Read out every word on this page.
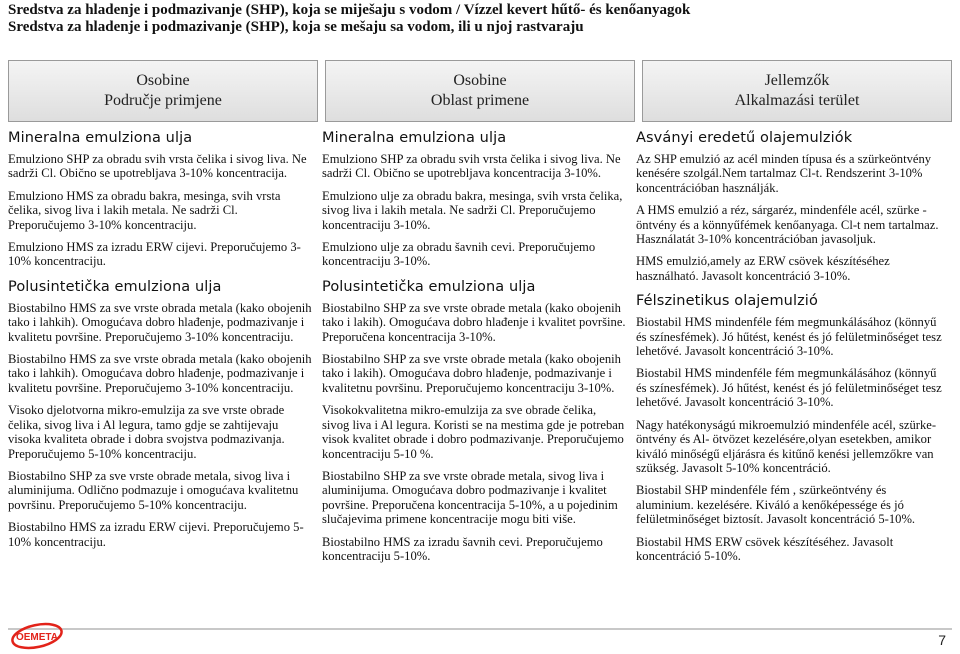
Sredstva za hladenje i podmazivanje (SHP), koja se miješaju s vodom / Vízzel kevert hűtő- és kenőanyagok
Sredstva za hladenje i podmazivanje (SHP), koja se mešaju sa vodom, ili u njoj rastvaraju
Osobine
Područje primjene
Osobine
Oblast primene
Jellemzők
Alkalmazási terület
Mineralna emulziona ulja

Emulziono SHP za obradu svih vrsta čelika i sivog liva. Ne sadrži Cl. Obično se upotrebljava 3-10% koncentracija.

Emulziono HMS za obradu bakra, mesinga, svih vrsta čelika, sivog liva i lakih metala. Ne sadrži Cl. Preporučujemo 3-10% koncentraciju.

Emulziono HMS za izradu ERW cijevi. Preporučujemo 3-10% koncentraciju.

Polusintetička emulziona ulja

Biostabilno HMS za sve vrste obrada metala (kako obojenih tako i lahkih). Omogućava dobro hlađenje, podmazivanje i kvalitetu površine. Preporučujemo 3-10% koncentraciju.

Biostabilno HMS za sve vrste obrada metala (kako obojenih tako i lahkih). Omogućava dobro hlađenje, podmazivanje i kvalitetu površine. Preporučujemo 3-10% koncentraciju.

Visoko djelotvorna mikro-emulzija za sve vrste obrade čelika, sivog liva i Al legura, tamo gdje se zahtijevaju visoka kvaliteta obrade i dobra svojstva podmazivanja. Preporučujemo 5-10% koncentraciju.

Biostabilno SHP za sve vrste obrade metala, sivog liva i aluminijuma. Odlično podmazuje i omogućava kvalitetnu površinu. Preporučujemo 5-10% koncentraciju.

Biostabilno HMS za izradu ERW cijevi. Preporučujemo 5-10% koncentraciju.

Mineralna emulziona ulja

Emulziono SHP za obradu svih vrsta čelika i sivog liva. Ne sadrži Cl. Obično se upotrebljava koncentracija 3-10%.

Emulziono ulje za obradu bakra, mesinga, svih vrsta čelika, sivog liva i lakih metala. Ne sadrži Cl. Preporučujemo koncentraciju 3-10%.

Emulziono ulje za obradu šavnih cevi. Preporučujemo koncentraciju 3-10%.

Polusintetička emulziona ulja

Biostabilno SHP za sve vrste obrade metala (kako obojenih tako i lakih). Omogućava dobro hlađenje i kvalitet površine. Preporučena koncentracija 3-10%.

Biostabilno SHP za sve vrste obrade metala (kako obojenih tako i lakih). Omogućava dobro hlađenje, podmazivanje i kvalitetnu površinu. Preporučujemo koncentraciju 3-10%.

Visokokvalitetna mikro-emulzija za sve obrade čelika, sivog liva i Al legura. Koristi se na mestima gde je potreban visok kvalitet obrade i dobro podmazivanje. Preporučujemo koncentraciju 5-10 %.

Biostabilno SHP za sve vrste obrade metala, sivog liva i aluminijuma. Omogućava dobro podmazivanje i kvalitet površine. Preporučena koncentracija 5-10%, a u pojedinim slučajevima primene koncentracije mogu biti više.

Biostabilno HMS za izradu šavnih cevi. Preporučujemo koncentraciju 5-10%.

Asványi eredetű olajemulziók

Az SHP emulzió az acél minden típusa és a szürkeöntvény kenésére szolgál.Nem tartalmaz Cl-t. Rendszerint 3-10% koncentrációban használják.

A HMS emulzió a réz, sárgaréz, mindenféle acél, szürke - öntvény és a könnyűfémek kenőanyaga. Cl-t nem tartalmaz. Használatát 3-10% koncentrációban javasoljuk.

HMS emulzió,amely az ERW csövek készítéséhez használható. Javasolt koncentráció 3-10%.

Félszinetikus olajemulzió

Biostabil HMS mindenféle fém megmunkálásához (könnyű és színesfémek). Jó hűtést, kenést és jó felületminőséget tesz lehetővé. Javasolt koncentráció 3-10%.

Biostabil HMS mindenféle fém megmunkálásához (könnyű és színesfémek). Jó hűtést, kenést és jó felületminőséget tesz lehetővé. Javasolt koncentráció 3-10%.

Nagy hatékonyságú mikroemulzió mindenféle acél, szürke-öntvény és Al- ötvözet kezelésére,olyan esetekben, amikor kiváló minőségű eljárásra és kitűnő kenési jellemzőkre van szükség. Javasolt 5-10% koncentráció.

Biostabil SHP mindenféle fém , szürkeöntvény és aluminium. kezelésére. Kiváló a kenőképessége és jó felületminőséget biztosít. Javasolt koncentráció 5-10%.

Biostabil HMS ERW csövek készítéséhez. Javasolt koncentráció 5-10%.

OEMETA	7
